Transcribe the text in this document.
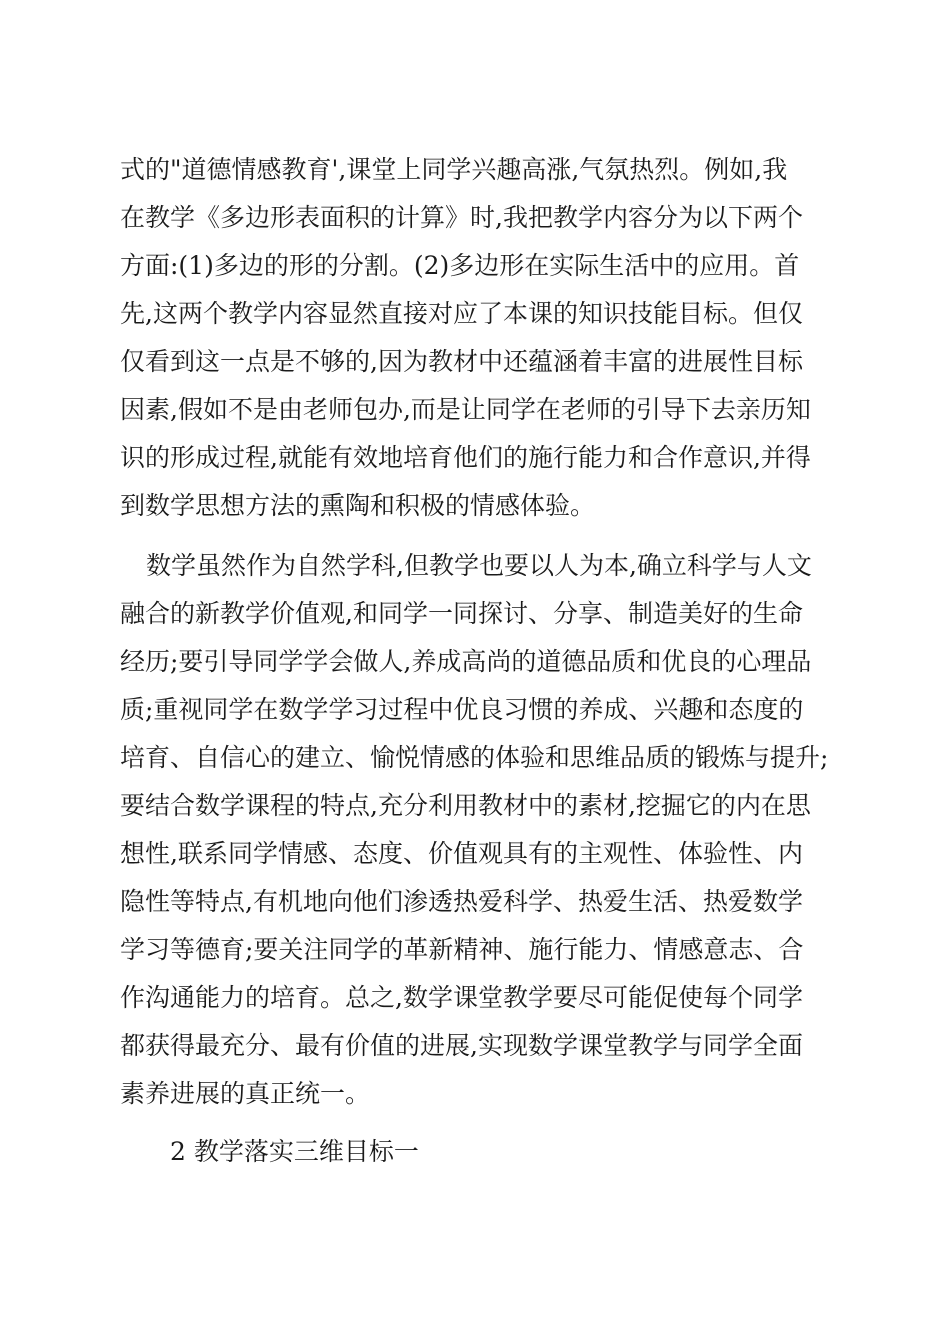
式的"道德情感教育',课堂上同学兴趣高涨,气氛热烈。例如,我
在教学《多边形表面积的计算》时,我把教学内容分为以下两个
方面:(1)多边的形的分割。(2)多边形在实际生活中的应用。首
先,这两个教学内容显然直接对应了本课的知识技能目标。但仅
仅看到这一点是不够的,因为教材中还蕴涵着丰富的进展性目标
因素,假如不是由老师包办,而是让同学在老师的引导下去亲历知
识的形成过程,就能有效地培育他们的施行能力和合作意识,并得
到数学思想方法的熏陶和积极的情感体验。
数学虽然作为自然学科,但教学也要以人为本,确立科学与人文
融合的新教学价值观,和同学一同探讨、分享、制造美好的生命
经历;要引导同学学会做人,养成高尚的道德品质和优良的心理品
质;重视同学在数学学习过程中优良习惯的养成、兴趣和态度的
培育、自信心的建立、愉悦情感的体验和思维品质的锻炼与提升;
要结合数学课程的特点,充分利用教材中的素材,挖掘它的内在思
想性,联系同学情感、态度、价值观具有的主观性、体验性、内
隐性等特点,有机地向他们渗透热爱科学、热爱生活、热爱数学
学习等德育;要关注同学的革新精神、施行能力、情感意志、合
作沟通能力的培育。总之,数学课堂教学要尽可能促使每个同学
都获得最充分、最有价值的进展,实现数学课堂教学与同学全面
素养进展的真正统一。
2 教学落实三维目标一
